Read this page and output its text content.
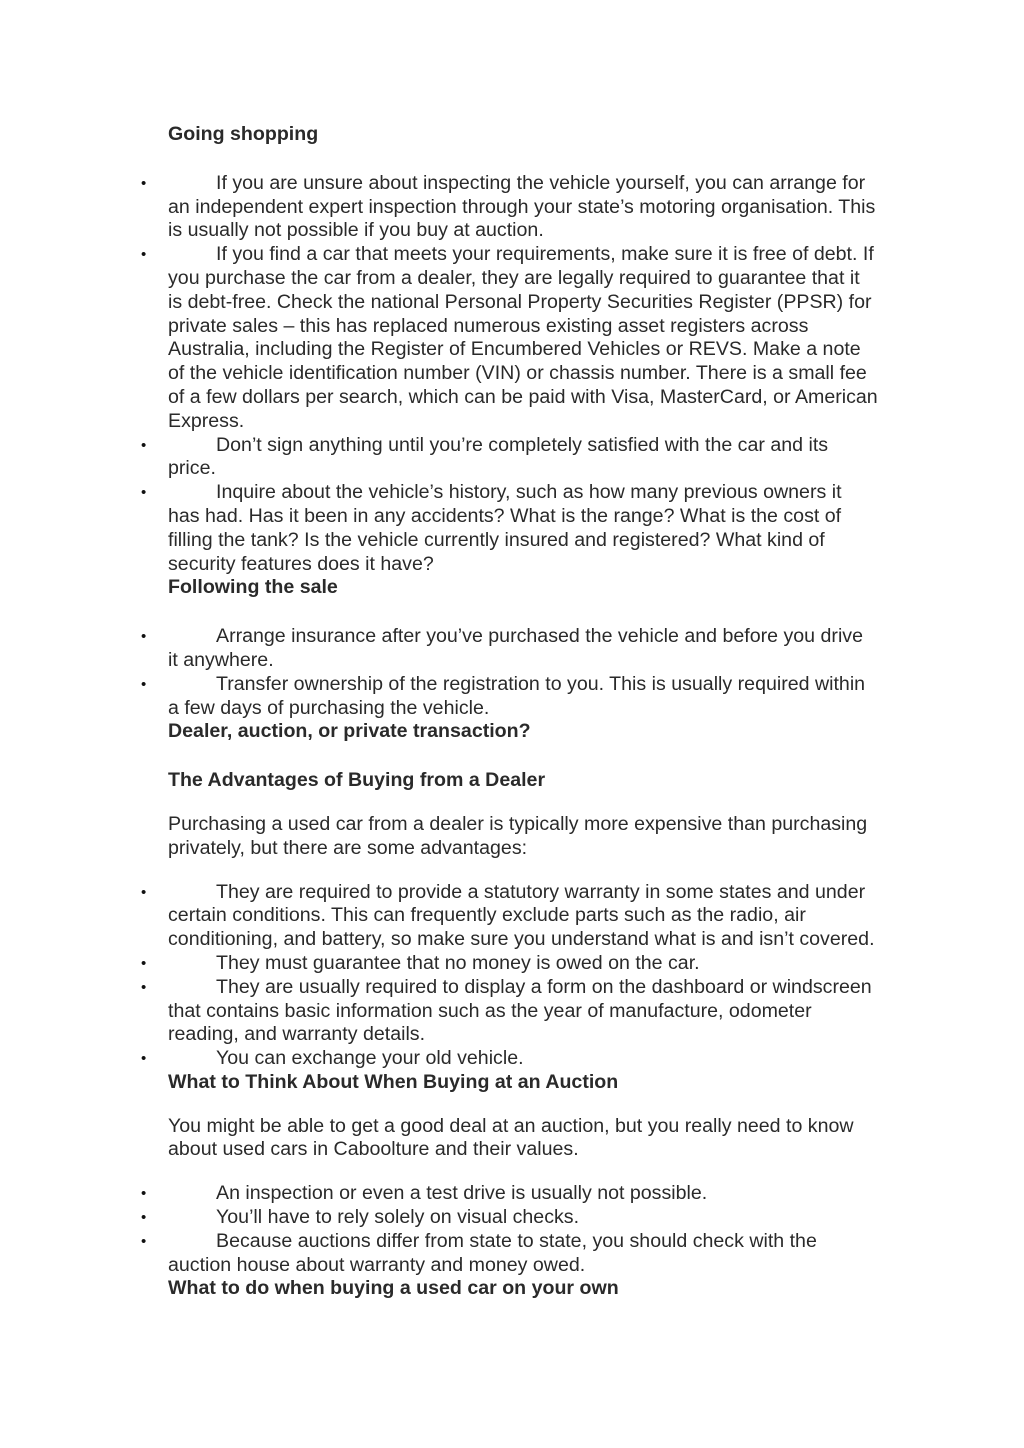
Going shopping

• If you are unsure about inspecting the vehicle yourself, you can arrange for an independent expert inspection through your state’s motoring organisation. This is usually not possible if you buy at auction.
• If you find a car that meets your requirements, make sure it is free of debt. If you purchase the car from a dealer, they are legally required to guarantee that it is debt-free. Check the national Personal Property Securities Register (PPSR) for private sales – this has replaced numerous existing asset registers across Australia, including the Register of Encumbered Vehicles or REVS. Make a note of the vehicle identification number (VIN) or chassis number. There is a small fee of a few dollars per search, which can be paid with Visa, MasterCard, or American Express.
• Don’t sign anything until you’re completely satisfied with the car and its price.
• Inquire about the vehicle’s history, such as how many previous owners it has had. Has it been in any accidents? What is the range? What is the cost of filling the tank? Is the vehicle currently insured and registered? What kind of security features does it have?

Following the sale

• Arrange insurance after you’ve purchased the vehicle and before you drive it anywhere.
• Transfer ownership of the registration to you. This is usually required within a few days of purchasing the vehicle.

Dealer, auction, or private transaction?

The Advantages of Buying from a Dealer

Purchasing a used car from a dealer is typically more expensive than purchasing privately, but there are some advantages:

• They are required to provide a statutory warranty in some states and under certain conditions. This can frequently exclude parts such as the radio, air conditioning, and battery, so make sure you understand what is and isn’t covered.
• They must guarantee that no money is owed on the car.
• They are usually required to display a form on the dashboard or windscreen that contains basic information such as the year of manufacture, odometer reading, and warranty details.
• You can exchange your old vehicle.

What to Think About When Buying at an Auction

You might be able to get a good deal at an auction, but you really need to know about used cars in Caboolture and their values.

• An inspection or even a test drive is usually not possible.
• You’ll have to rely solely on visual checks.
• Because auctions differ from state to state, you should check with the auction house about warranty and money owed.

What to do when buying a used car on your own
